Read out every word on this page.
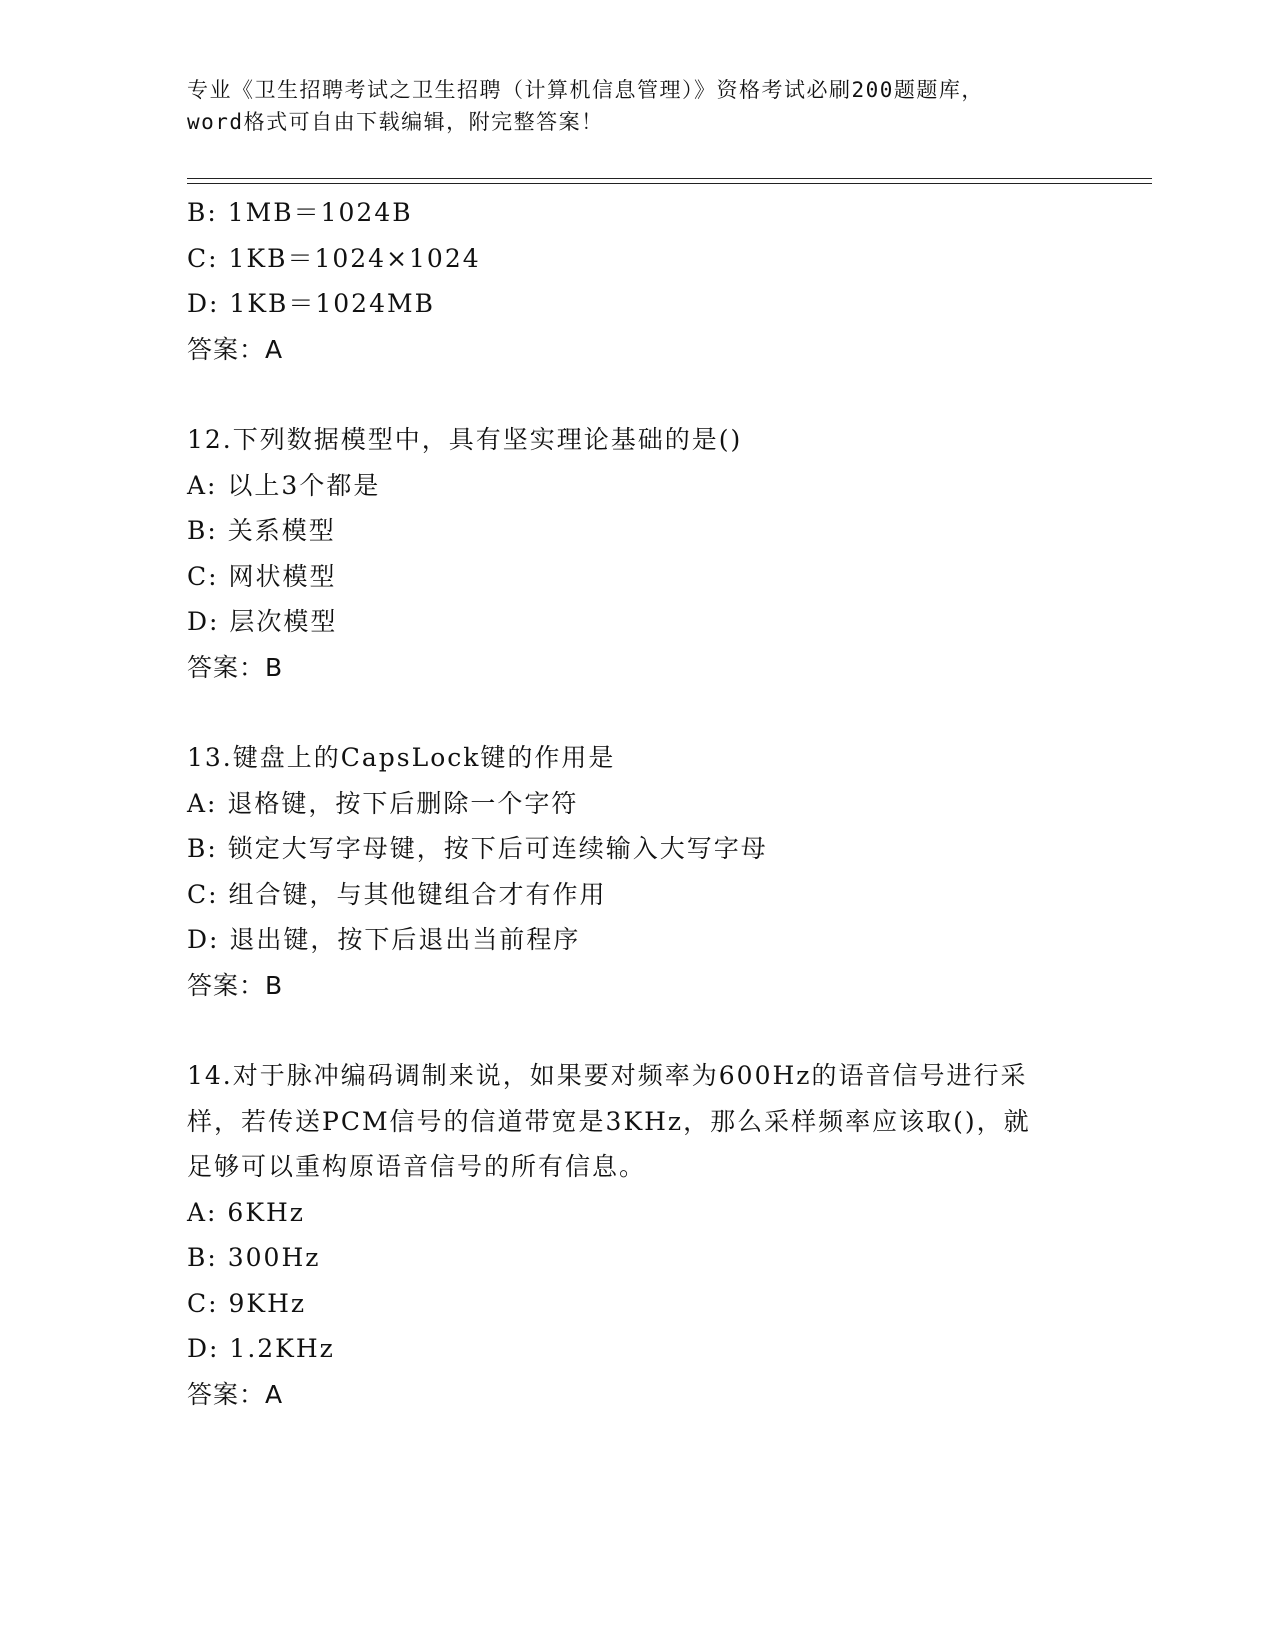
专业《卫生招聘考试之卫生招聘（计算机信息管理）》资格考试必刷200题题库，
word格式可自由下载编辑，附完整答案！
B: 1MB＝1024B
C: 1KB＝1024×1024
D: 1KB＝1024MB
答案：A
12.下列数据模型中，具有坚实理论基础的是()
A: 以上3个都是
B: 关系模型
C: 网状模型
D: 层次模型
答案：B
13.键盘上的CapsLock键的作用是
A: 退格键，按下后删除一个字符
B: 锁定大写字母键，按下后可连续输入大写字母
C: 组合键，与其他键组合才有作用
D: 退出键，按下后退出当前程序
答案：B
14.对于脉冲编码调制来说，如果要对频率为600Hz的语音信号进行采
样，若传送PCM信号的信道带宽是3KHz，那么采样频率应该取()，就
足够可以重构原语音信号的所有信息。
A: 6KHz
B: 300Hz
C: 9KHz
D: 1.2KHz
答案：A
